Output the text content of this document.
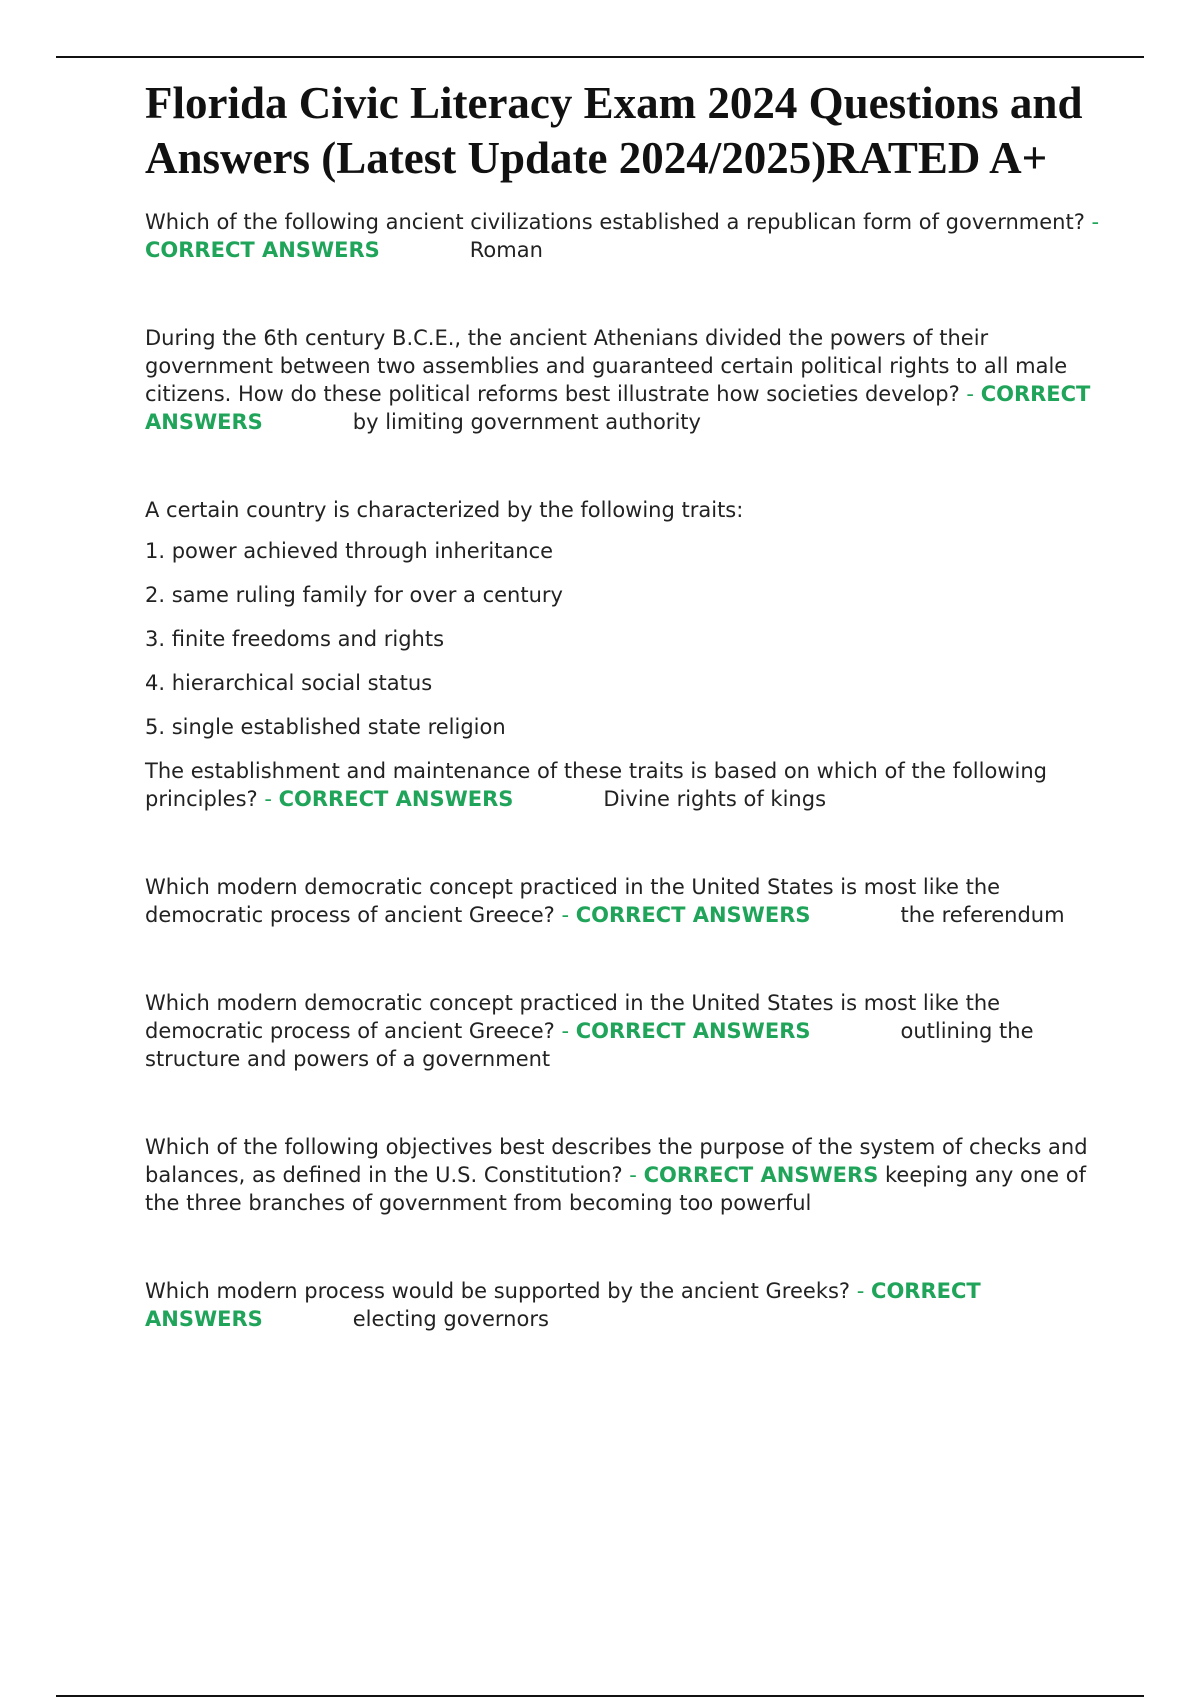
Florida Civic Literacy Exam 2024 Questions and Answers (Latest Update 2024/2025)RATED A+

Which of the following ancient civilizations established a republican form of government? - CORRECT ANSWERS	Roman

During the 6th century B.C.E., the ancient Athenians divided the powers of their government between two assemblies and guaranteed certain political rights to all male citizens. How do these political reforms best illustrate how societies develop? - CORRECT ANSWERS	by limiting government authority

A certain country is characterized by the following traits:

1. power achieved through inheritance

2. same ruling family for over a century

3. finite freedoms and rights

4. hierarchical social status

5. single established state religion

The establishment and maintenance of these traits is based on which of the following principles? - CORRECT ANSWERS	Divine rights of kings

Which modern democratic concept practiced in the United States is most like the democratic process of ancient Greece? - CORRECT ANSWERS	the referendum

Which modern democratic concept practiced in the United States is most like the democratic process of ancient Greece? - CORRECT ANSWERS	outlining the structure and powers of a government

Which of the following objectives best describes the purpose of the system of checks and balances, as defined in the U.S. Constitution? - CORRECT ANSWERS keeping any one of the three branches of government from becoming too powerful

Which modern process would be supported by the ancient Greeks? - CORRECT ANSWERS	electing governors
